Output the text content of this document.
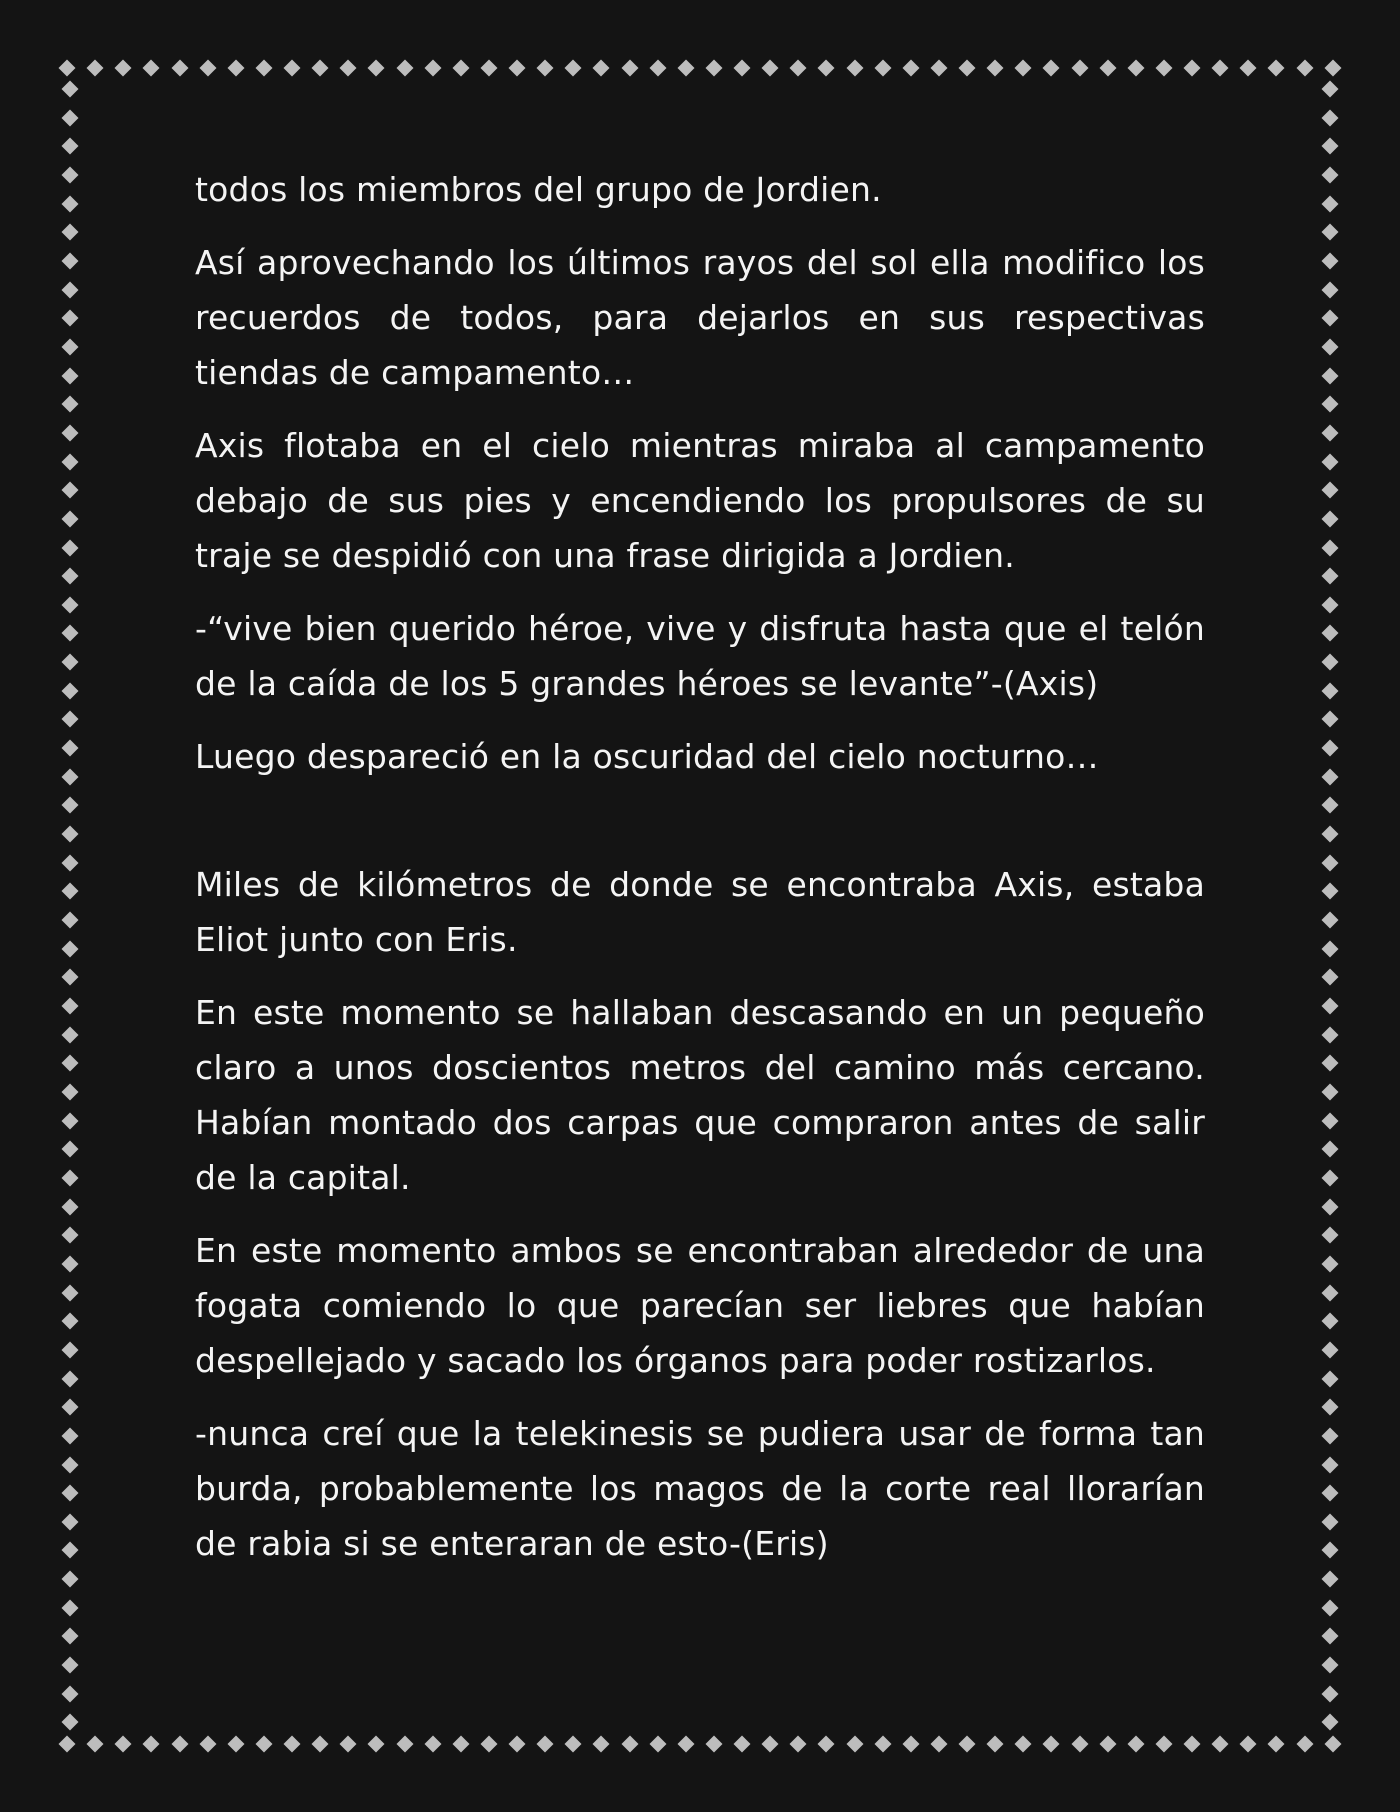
todos los miembros del grupo de Jordien.

Así aprovechando los últimos rayos del sol ella modifico los recuerdos de todos, para dejarlos en sus respectivas tiendas de campamento…

Axis flotaba en el cielo mientras miraba al campamento debajo de sus pies y encendiendo los propulsores de su traje se despidió con una frase dirigida a Jordien.

-“vive bien querido héroe, vive y disfruta hasta que el telón de la caída de los 5 grandes héroes se levante”-(Axis)

Luego despareció en la oscuridad del cielo nocturno…

Miles de kilómetros de donde se encontraba Axis, estaba Eliot junto con Eris.

En este momento se hallaban descasando en un pequeño claro a unos doscientos metros del camino más cercano. Habían montado dos carpas que compraron antes de salir de la capital.

En este momento ambos se encontraban alrededor de una fogata comiendo lo que parecían ser liebres que habían despellejado y sacado los órganos para poder rostizarlos.

-nunca creí que la telekinesis se pudiera usar de forma tan burda, probablemente los magos de la corte real llorarían de rabia si se enteraran de esto-(Eris)
